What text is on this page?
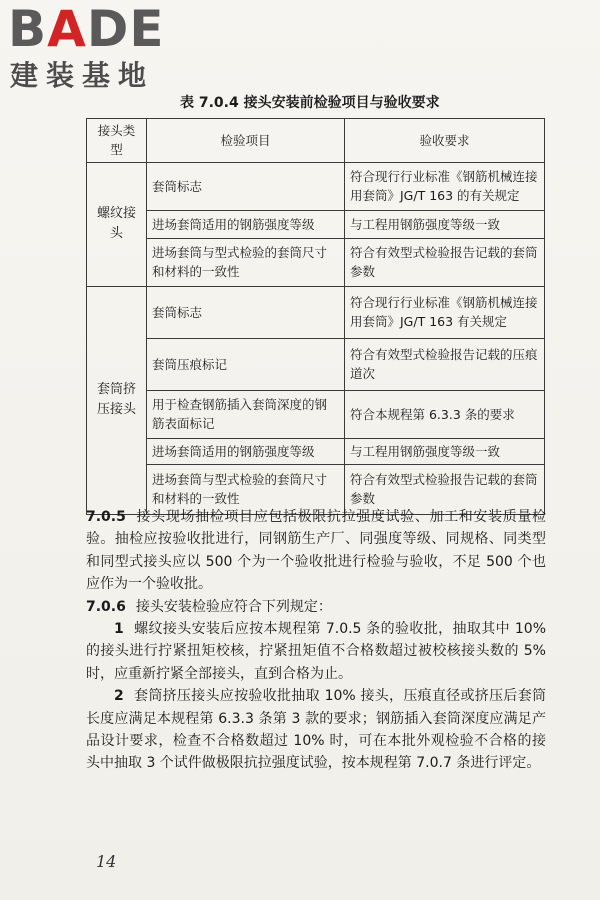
BADE
建装基地
表 7.0.4 接头安装前检验项目与验收要求
接头类型	检验项目	验收要求
螺纹接头	套筒标志	符合现行行业标准《钢筋机械连接用套筒》JG/T 163 的有关规定
	进场套筒适用的钢筋强度等级	与工程用钢筋强度等级一致
	进场套筒与型式检验的套筒尺寸和材料的一致性	符合有效型式检验报告记载的套筒参数
套筒挤压接头	套筒标志	符合现行行业标准《钢筋机械连接用套筒》JG/T 163 有关规定
	套筒压痕标记	符合有效型式检验报告记载的压痕道次
	用于检查钢筋插入套筒深度的钢筋表面标记	符合本规程第 6.3.3 条的要求
	进场套筒适用的钢筋强度等级	与工程用钢筋强度等级一致
	进场套筒与型式检验的套筒尺寸和材料的一致性	符合有效型式检验报告记载的套筒参数

7.0.5 接头现场抽检项目应包括极限抗拉强度试验、加工和安装质量检验。抽检应按验收批进行，同钢筋生产厂、同强度等级、同规格、同类型和同型式接头应以 500 个为一个验收批进行检验与验收，不足 500 个也应作为一个验收批。

7.0.6 接头安装检验应符合下列规定：

1 螺纹接头安装后应按本规程第 7.0.5 条的验收批，抽取其中 10% 的接头进行拧紧扭矩校核，拧紧扭矩值不合格数超过被校核接头数的 5% 时，应重新拧紧全部接头，直到合格为止。

2 套筒挤压接头应按验收批抽取 10% 接头，压痕直径或挤压后套筒长度应满足本规程第 6.3.3 条第 3 款的要求；钢筋插入套筒深度应满足产品设计要求，检查不合格数超过 10% 时，可在本批外观检验不合格的接头中抽取 3 个试件做极限抗拉强度试验，按本规程第 7.0.7 条进行评定。

14
